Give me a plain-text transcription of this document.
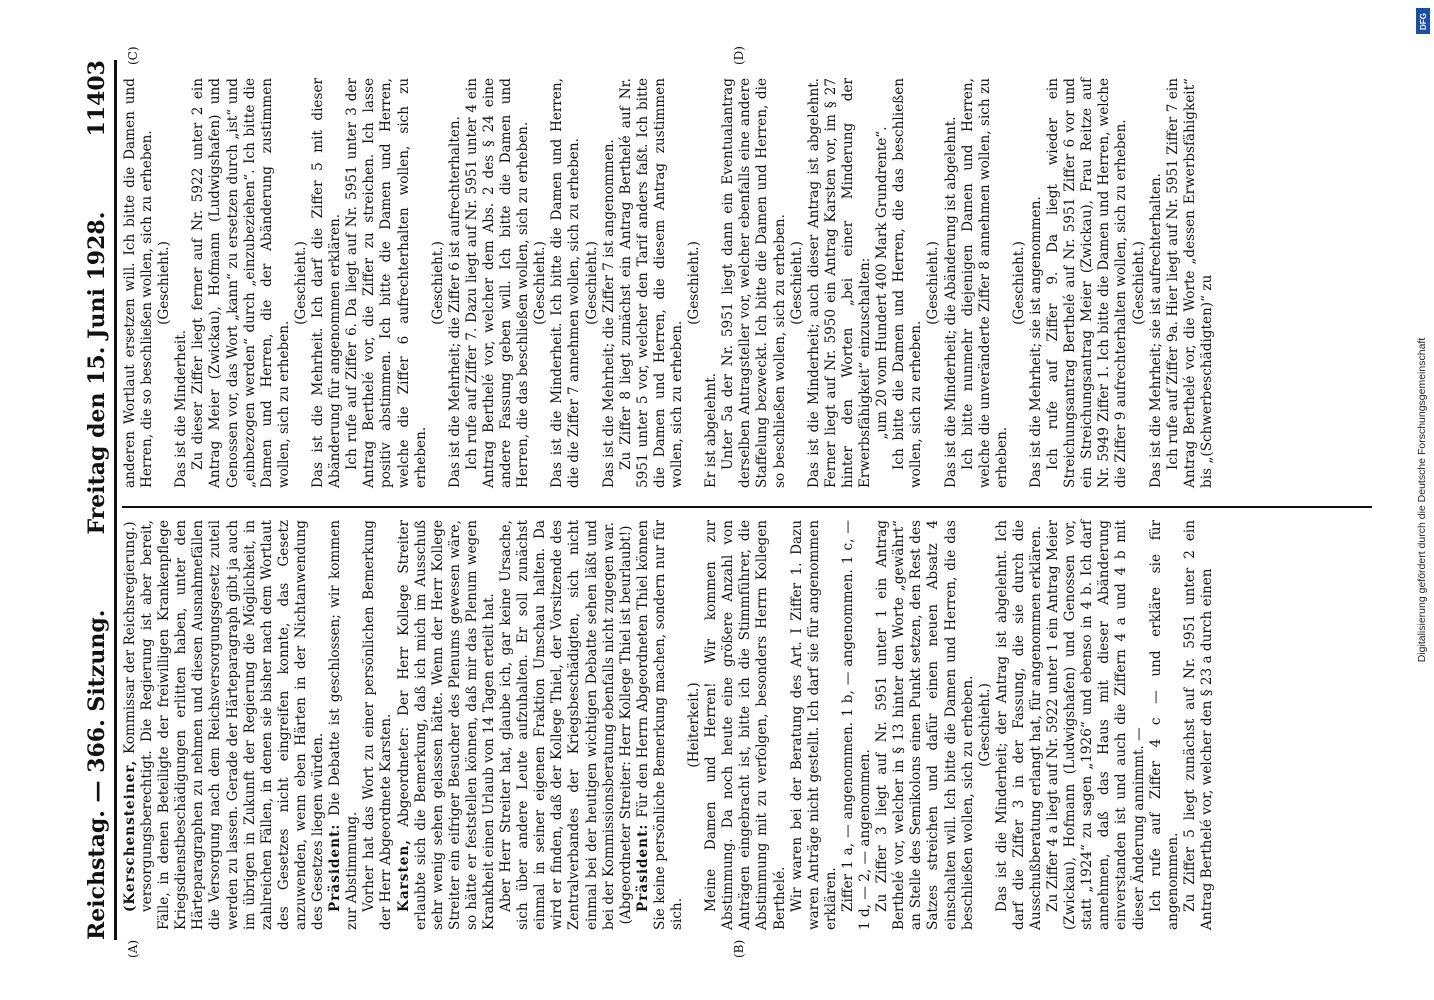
Reichstag. — 366. Sitzung.
Freitag den 15. Juni 1928.
11403
(A)	(B)
(C)	(D)

(Kerschensteiner, Kommissar der Reichsregierung.) versorgungsberechtigt. Die Regierung ist aber bereit, Fälle, in denen Beteiligte der freiwilligen Krankenpflege Kriegsdienstbeschädigungen erlitten haben, unter den Härteparagraphen zu nehmen und diesen Ausnahmefällen die Versorgung nach dem Reichsversorgungsgesetz zuteil werden zu lassen. Gerade der Härteparagraph gibt ja auch im übrigen in Zukunft der Regierung die Möglichkeit, in zahlreichen Fällen, in denen sie bisher nach dem Wortlaut des Gesetzes nicht eingreifen konnte, das Gesetz anzuwenden, wenn eben Härten in der Nichtanwendung des Gesetzes liegen würden. Präsident: Die Debatte ist geschlossen; wir kommen zur Abstimmung. Vorher hat das Wort zu einer persönlichen Bemerkung der Herr Abgeordnete Karsten. Karsten, Abgeordneter: Der Herr Kollege Streiter erlaubte sich die Bemerkung, daß ich mich im Ausschuß sehr wenig sehen gelassen hätte. Wenn der Herr Kollege Streiter ein eifriger Besucher des Plenums gewesen wäre, so hätte er feststellen können, daß mir das Plenum wegen Krankheit einen Urlaub von 14 Tagen erteilt hat. Aber Herr Streiter hat, glaube ich, gar keine Ursache, sich über andere Leute aufzuhalten. Er soll zunächst einmal in seiner eigenen Fraktion Umschau halten. Da wird er finden, daß der Kollege Thiel, der Vorsitzende des Zentralverbandes der Kriegsbeschädigten, sich nicht einmal bei der heutigen wichtigen Debatte sehen läßt und bei der Kommissionsberatung ebenfalls nicht zugegen war. (Abgeordneter Streiter: Herr Kollege Thiel ist beurlaubt!) Präsident: Für den Herrn Abgeordneten Thiel können Sie keine persönliche Bemerkung machen, sondern nur für sich.

(Heiterkeit.) Meine Damen und Herren! Wir kommen zur Abstimmung. Da noch heute eine größere Anzahl von Anträgen eingebracht ist, bitte ich die Stimmführer, die Abstimmung mit zu verfolgen, besonders Herrn Kollegen Berthelé. Wir waren bei der Beratung des Art. I Ziffer 1. Dazu waren Anträge nicht gestellt. Ich darf sie für angenommen erklären. Ziffer 1 a, — angenommen. 1 b, — angenommen. 1 c, — 1 d, — 2, — angenommen. Zu Ziffer 3 liegt auf Nr. 5951 unter 1 ein Antrag Berthelé vor, welcher in § 13 hinter den Worte „gewährt“ an Stelle des Semikolons einen Punkt setzen, den Rest des Satzes streichen und dafür einen neuen Absatz 4 einschalten will. Ich bitte die Damen und Herren, die das beschließen wollen, sich zu erheben. (Geschieht.) Das ist die Minderheit; der Antrag ist abgelehnt. Ich darf die Ziffer 3 in der Fassung, die sie durch die Ausschußberatung erlangt hat, für angenommen erklären. Zu Ziffer 4 a liegt auf Nr. 5922 unter 1 ein Antrag Meier (Zwickau), Hofmann (Ludwigshafen) und Genossen vor, statt „1924“ zu sagen „1926“ und ebenso in 4 b. Ich darf annehmen, daß das Haus mit dieser Abänderung einverstanden ist und auch die Ziffern 4 a und 4 b mit dieser Änderung annimmt. — Ich rufe auf Ziffer 4 c — und erkläre sie für angenommen. Zu Ziffer 5 liegt zunächst auf Nr. 5951 unter 2 ein Antrag Berthelé vor, welcher den § 23 a durch einen

anderen Wortlaut ersetzen will. Ich bitte die Damen und Herren, die so beschließen wollen, sich zu erheben. (Geschieht.)

Das ist die Minderheit. Zu dieser Ziffer liegt ferner auf Nr. 5922 unter 2 ein Antrag Meier (Zwickau), Hofmann (Ludwigshafen) und Genossen vor, das Wort „kann“ zu ersetzen durch „ist“ und „einbezogen werden“ durch „einzubeziehen“. Ich bitte die Damen und Herren, die der Abänderung zustimmen wollen, sich zu erheben.

(Geschieht.) Das ist die Mehrheit. Ich darf die Ziffer 5 mit dieser Abänderung für angenommen erklären. Ich rufe auf Ziffer 6. Da liegt auf Nr. 5951 unter 3 der Antrag Berthelé vor, die Ziffer zu streichen. Ich lasse positiv abstimmen. Ich bitte die Damen und Herren, welche die Ziffer 6 aufrechterhalten wollen, sich zu erheben.

(Geschieht.) Das ist die Mehrheit; die Ziffer 6 ist aufrechterhalten. Ich rufe auf Ziffer 7. Dazu liegt auf Nr. 5951 unter 4 ein Antrag Berthelé vor, welcher dem Abs. 2 des § 24 eine andere Fassung geben will. Ich bitte die Damen und Herren, die das beschließen wollen, sich zu erheben. (Geschieht.) Das ist die Minderheit. Ich bitte die Damen und Herren, die die Ziffer 7 annehmen wollen, sich zu erheben. (Geschieht.) Das ist die Mehrheit; die Ziffer 7 ist angenommen. Zu Ziffer 8 liegt zunächst ein Antrag Berthelé auf Nr. 5951 unter 5 vor, welcher den Tarif anders faßt. Ich bitte die Damen und Herren, die diesem Antrag zustimmen wollen, sich zu erheben.

(Geschieht.)

Er ist abgelehnt. Unter 5a der Nr. 5951 liegt dann ein Eventualantrag derselben Antragsteller vor, welcher ebenfalls eine andere Staffelung bezweckt. Ich bitte die Damen und Herren, die so beschließen wollen, sich zu erheben. (Geschieht.) Das ist die Minderheit; auch dieser Antrag ist abgelehnt. Ferner liegt auf Nr. 5950 ein Antrag Karsten vor, im § 27 hinter den Worten „bei einer Minderung der Erwerbsfähigkeit“ einzuschalten: „um 20 vom Hundert 400 Mark Grundrente“. Ich bitte die Damen und Herren, die das beschließen wollen, sich zu erheben.

(Geschieht.) Das ist die Minderheit; die Abänderung ist abgelehnt. Ich bitte nunmehr diejenigen Damen und Herren, welche die unveränderte Ziffer 8 annehmen wollen, sich zu erheben.

(Geschieht.) Das ist die Mehrheit; sie ist angenommen. Ich rufe auf Ziffer 9. Da liegt wieder ein Streichungsantrag Berthelé auf Nr. 5951 Ziffer 6 vor und ein Streichungsantrag Meier (Zwickau), Frau Reitze auf Nr. 5949 Ziffer 1. Ich bitte die Damen und Herren, welche die Ziffer 9 aufrechterhalten wollen, sich zu erheben. (Geschieht.) Das ist die Mehrheit; sie ist aufrechterhalten. Ich rufe auf Ziffer 9a. Hier liegt auf Nr. 5951 Ziffer 7 ein Antrag Berthelé vor, die Worte „dessen Erwerbsfähigkeit“ bis „(Schwerbeschädigten)“ zu

DFG
Digitalisierung gefördert durch die Deutsche Forschungsgemeinschaft
